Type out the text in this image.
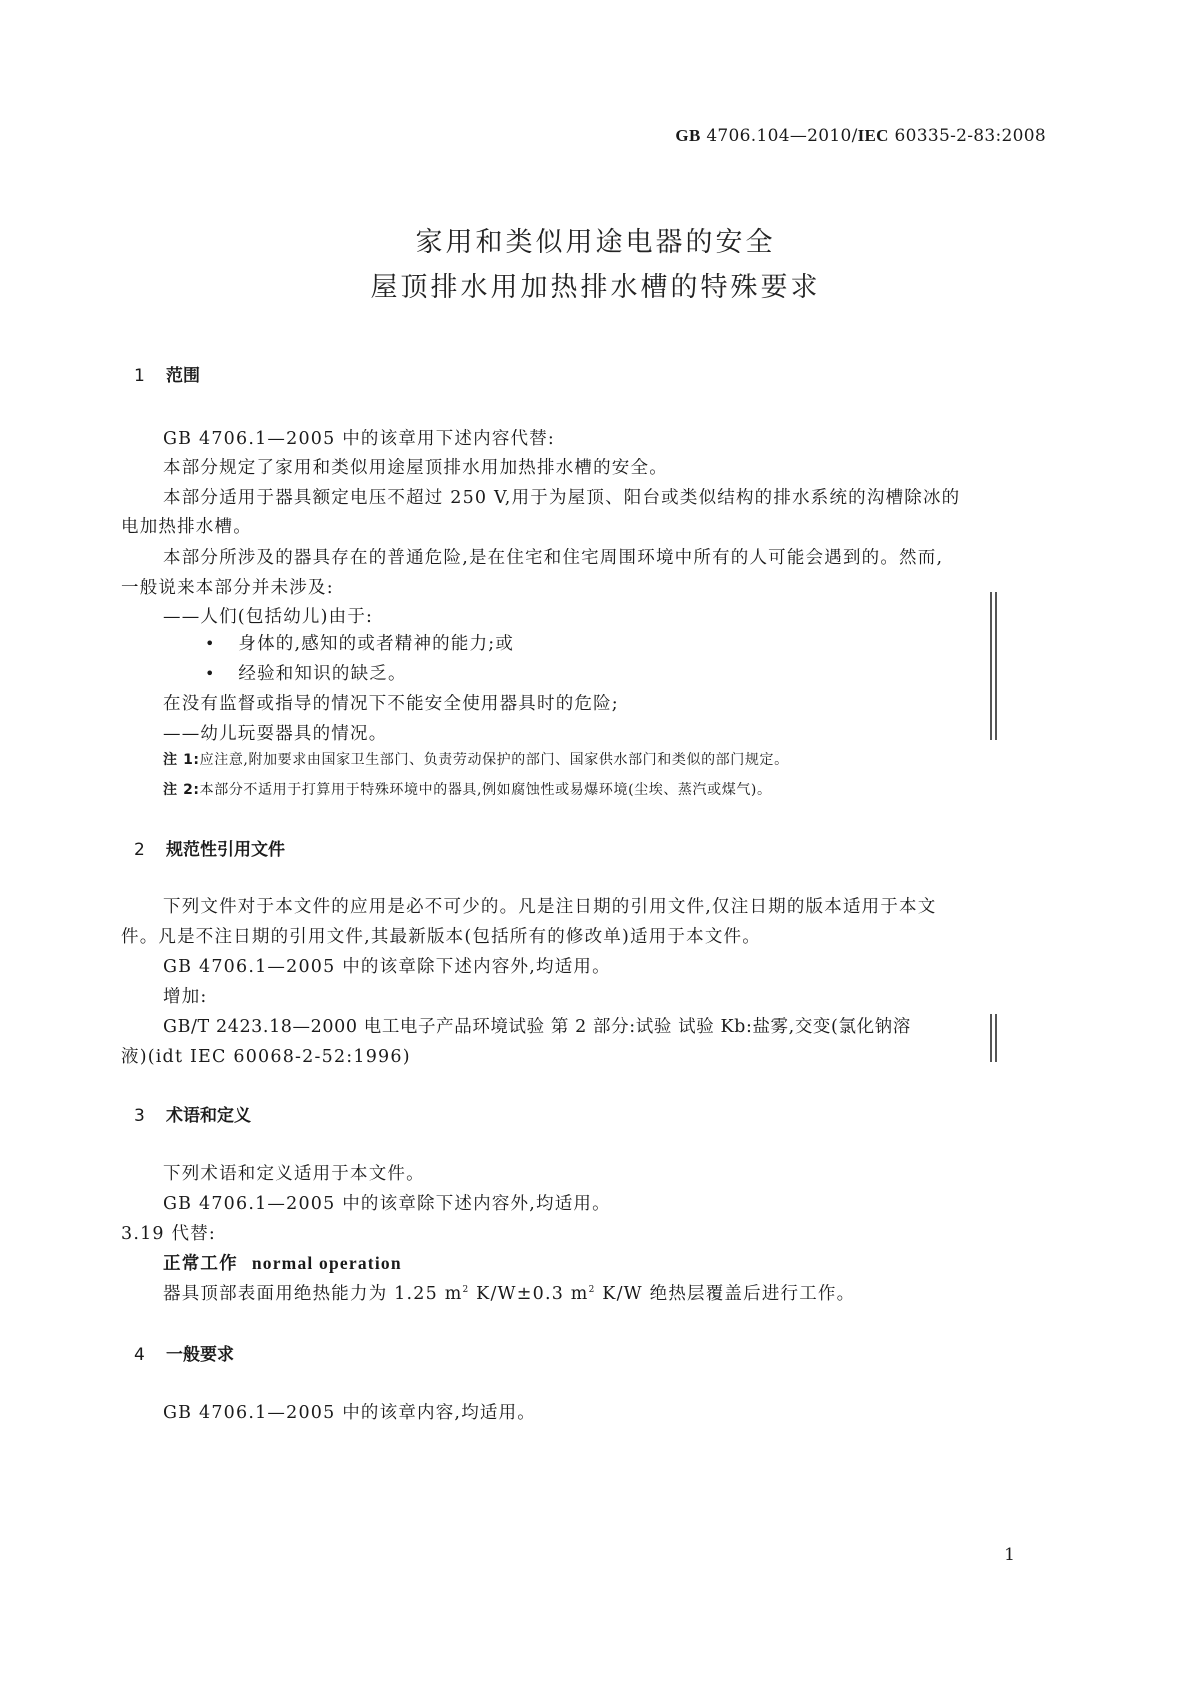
GB 4706.104—2010/IEC 60335-2-83:2008
家用和类似用途电器的安全
屋顶排水用加热排水槽的特殊要求
1 范围
GB 4706.1—2005 中的该章用下述内容代替:
本部分规定了家用和类似用途屋顶排水用加热排水槽的安全。
本部分适用于器具额定电压不超过 250 V,用于为屋顶、阳台或类似结构的排水系统的沟槽除冰的
电加热排水槽。
本部分所涉及的器具存在的普通危险,是在住宅和住宅周围环境中所有的人可能会遇到的。然而,
一般说来本部分并未涉及:
——人们(包括幼儿)由于:
• 身体的,感知的或者精神的能力;或
• 经验和知识的缺乏。
在没有监督或指导的情况下不能安全使用器具时的危险;
——幼儿玩耍器具的情况。
注 1:应注意,附加要求由国家卫生部门、负责劳动保护的部门、国家供水部门和类似的部门规定。
注 2:本部分不适用于打算用于特殊环境中的器具,例如腐蚀性或易爆环境(尘埃、蒸汽或煤气)。
2 规范性引用文件
下列文件对于本文件的应用是必不可少的。凡是注日期的引用文件,仅注日期的版本适用于本文
件。凡是不注日期的引用文件,其最新版本(包括所有的修改单)适用于本文件。
GB 4706.1—2005 中的该章除下述内容外,均适用。
增加:
GB/T 2423.18—2000 电工电子产品环境试验 第 2 部分:试验 试验 Kb:盐雾,交变(氯化钠溶
液)(idt IEC 60068-2-52:1996)
3 术语和定义
下列术语和定义适用于本文件。
GB 4706.1—2005 中的该章除下述内容外,均适用。
3.19 代替:
正常工作 normal operation
器具顶部表面用绝热能力为 1.25 $m^2$ K/W±0.3 $m^2$ K/W 绝热层覆盖后进行工作。
4 一般要求
GB 4706.1—2005 中的该章内容,均适用。
1
